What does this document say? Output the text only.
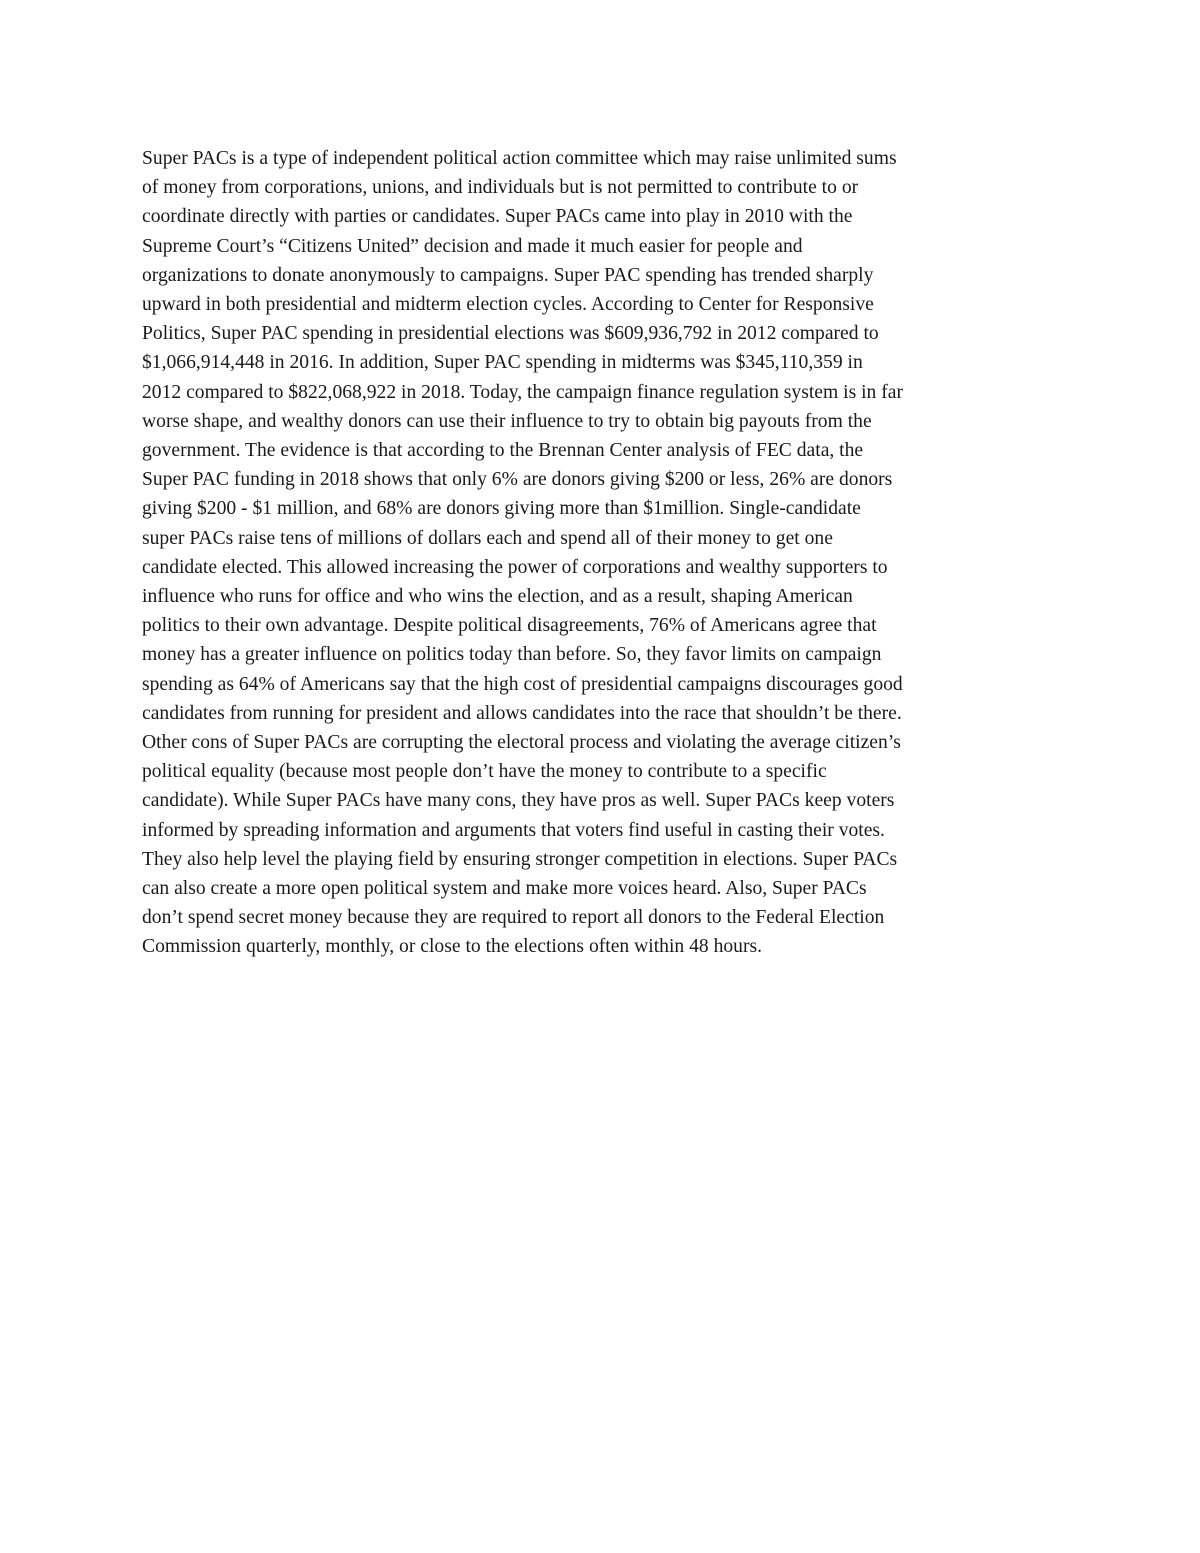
Super PACs is a type of independent political action committee which may raise unlimited sums
of money from corporations, unions, and individuals but is not permitted to contribute to or
coordinate directly with parties or candidates. Super PACs came into play in 2010 with the
Supreme Court’s “Citizens United” decision and made it much easier for people and
organizations to donate anonymously to campaigns. Super PAC spending has trended sharply
upward in both presidential and midterm election cycles. According to Center for Responsive
Politics, Super PAC spending in presidential elections was $609,936,792 in 2012 compared to
$1,066,914,448 in 2016. In addition, Super PAC spending in midterms was $345,110,359 in
2012 compared to $822,068,922 in 2018. Today, the campaign finance regulation system is in far
worse shape, and wealthy donors can use their influence to try to obtain big payouts from the
government. The evidence is that according to the Brennan Center analysis of FEC data, the
Super PAC funding in 2018 shows that only 6% are donors giving $200 or less, 26% are donors
giving $200 - $1 million, and 68% are donors giving more than $1million. Single-candidate
super PACs raise tens of millions of dollars each and spend all of their money to get one
candidate elected. This allowed increasing the power of corporations and wealthy supporters to
influence who runs for office and who wins the election, and as a result, shaping American
politics to their own advantage. Despite political disagreements, 76% of Americans agree that
money has a greater influence on politics today than before. So, they favor limits on campaign
spending as 64% of Americans say that the high cost of presidential campaigns discourages good
candidates from running for president and allows candidates into the race that shouldn’t be there.
Other cons of Super PACs are corrupting the electoral process and violating the average citizen’s
political equality (because most people don’t have the money to contribute to a specific
candidate). While Super PACs have many cons, they have pros as well. Super PACs keep voters
informed by spreading information and arguments that voters find useful in casting their votes.
They also help level the playing field by ensuring stronger competition in elections. Super PACs
can also create a more open political system and make more voices heard. Also, Super PACs
don’t spend secret money because they are required to report all donors to the Federal Election
Commission quarterly, monthly, or close to the elections often within 48 hours.
